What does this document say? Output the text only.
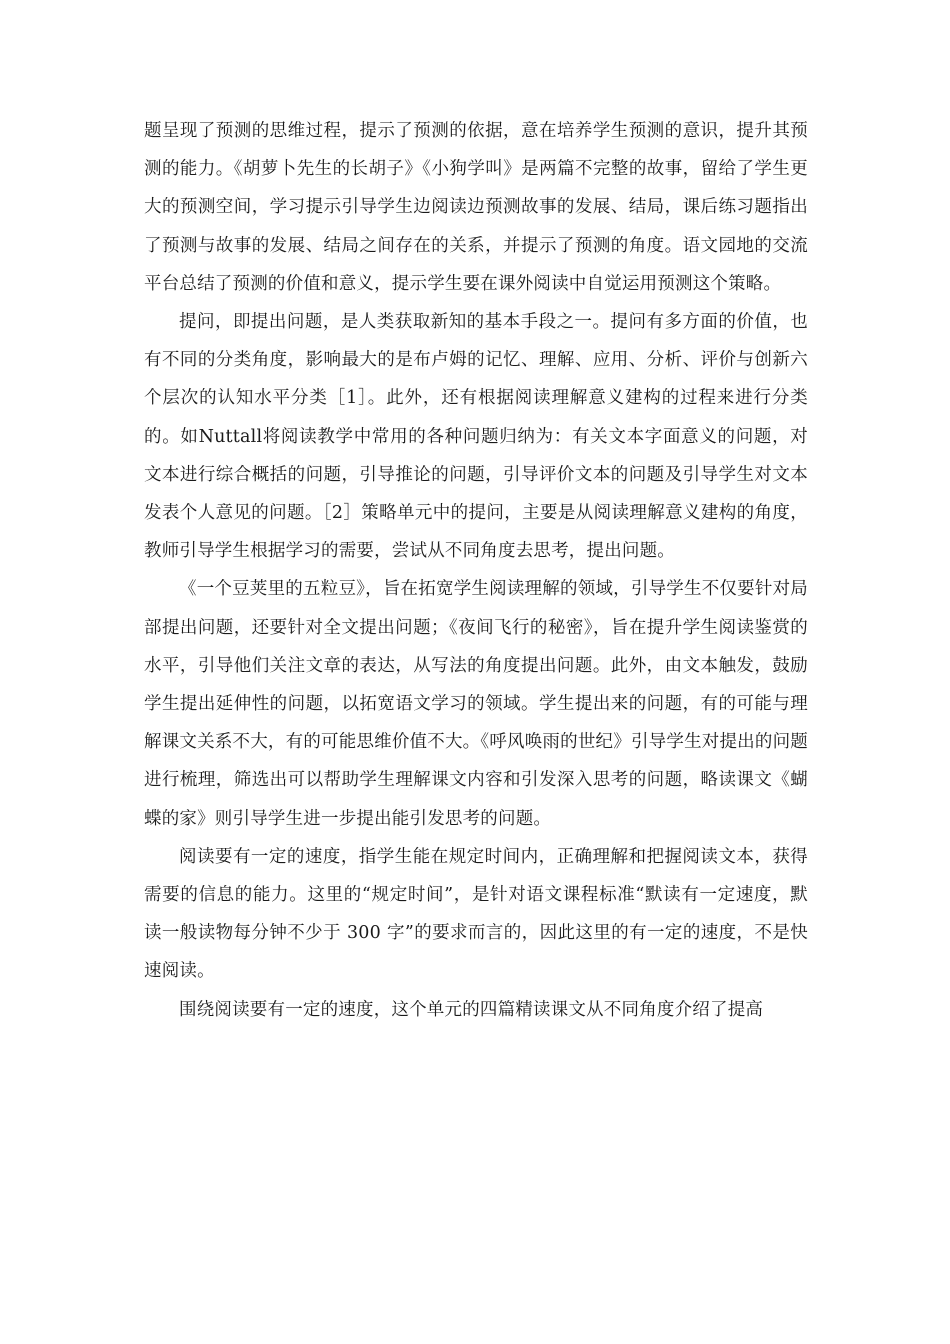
题呈现了预测的思维过程，提示了预测的依据，意在培养学生预测的意识，提升其预测的能力。《胡萝卜先生的长胡子》《小狗学叫》是两篇不完整的故事，留给了学生更大的预测空间，学习提示引导学生边阅读边预测故事的发展、结局，课后练习题指出了预测与故事的发展、结局之间存在的关系，并提示了预测的角度。语文园地的交流平台总结了预测的价值和意义，提示学生要在课外阅读中自觉运用预测这个策略。

提问，即提出问题，是人类获取新知的基本手段之一。提问有多方面的价值，也有不同的分类角度，影响最大的是布卢姆的记忆、理解、应用、分析、评价与创新六个层次的认知水平分类［1］。此外，还有根据阅读理解意义建构的过程来进行分类的。如Nuttall将阅读教学中常用的各种问题归纳为：有关文本字面意义的问题，对文本进行综合概括的问题，引导推论的问题，引导评价文本的问题及引导学生对文本发表个人意见的问题。［2］策略单元中的提问，主要是从阅读理解意义建构的角度，教师引导学生根据学习的需要，尝试从不同角度去思考，提出问题。

《一个豆荚里的五粒豆》，旨在拓宽学生阅读理解的领域，引导学生不仅要针对局部提出问题，还要针对全文提出问题；《夜间飞行的秘密》，旨在提升学生阅读鉴赏的水平，引导他们关注文章的表达，从写法的角度提出问题。此外，由文本触发，鼓励学生提出延伸性的问题，以拓宽语文学习的领域。学生提出来的问题，有的可能与理解课文关系不大，有的可能思维价值不大。《呼风唤雨的世纪》引导学生对提出的问题进行梳理，筛选出可以帮助学生理解课文内容和引发深入思考的问题，略读课文《蝴蝶的家》则引导学生进一步提出能引发思考的问题。

阅读要有一定的速度，指学生能在规定时间内，正确理解和把握阅读文本，获得需要的信息的能力。这里的“规定时间”，是针对语文课程标准“默读有一定速度，默读一般读物每分钟不少于 300 字”的要求而言的，因此这里的有一定的速度，不是快速阅读。

围绕阅读要有一定的速度，这个单元的四篇精读课文从不同角度介绍了提高
